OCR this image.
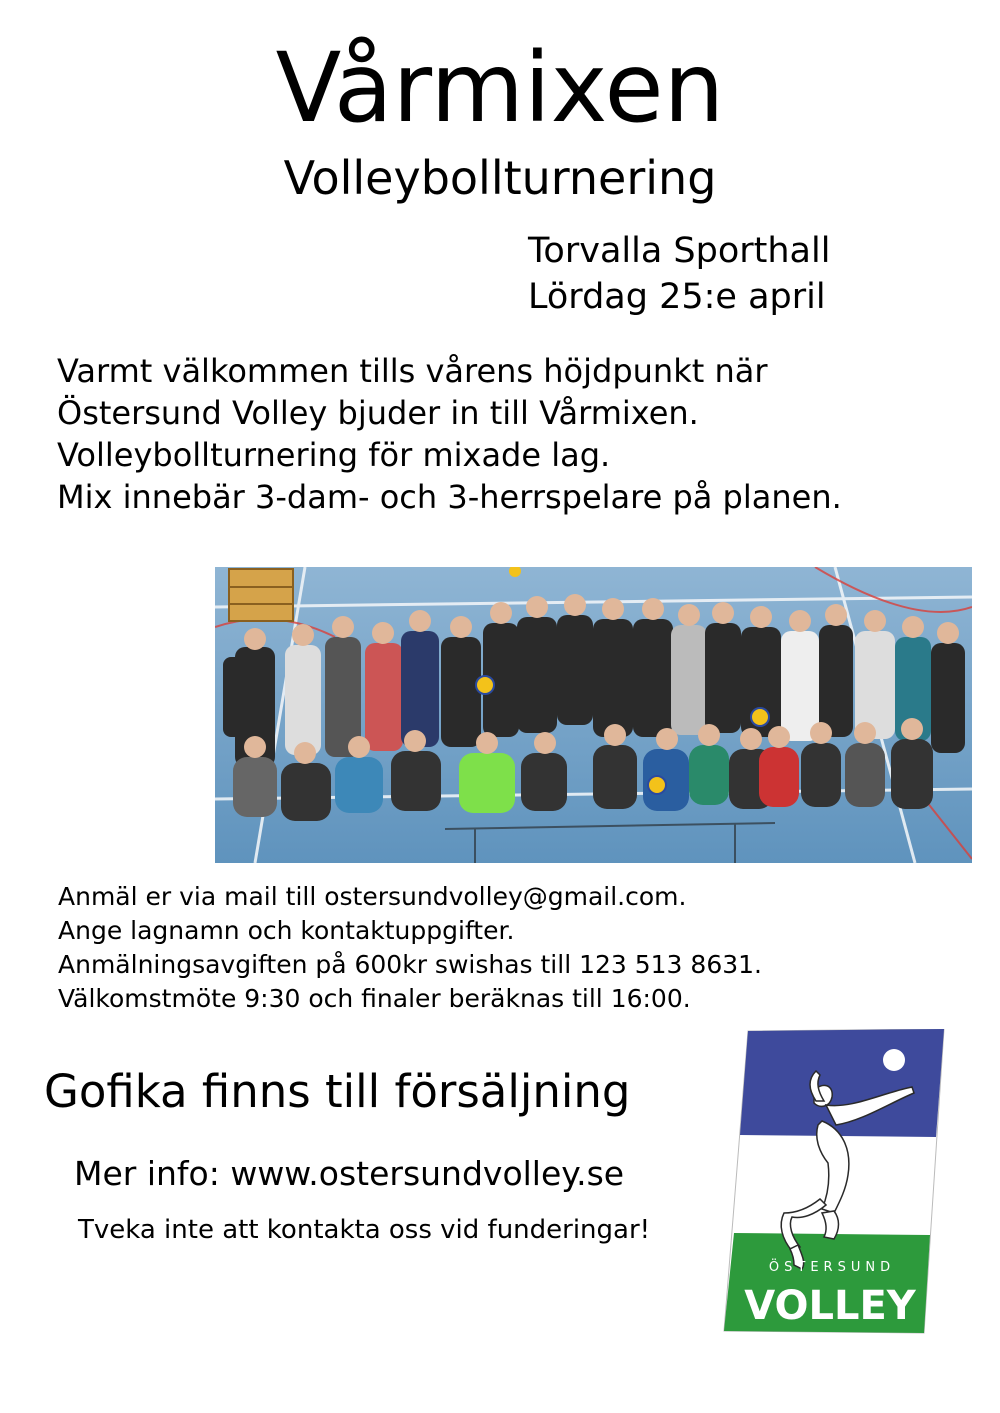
Vårmixen
Volleybollturnering
Torvalla Sporthall
Lördag 25:e april
Varmt välkommen tills vårens höjdpunkt när
Östersund Volley bjuder in till Vårmixen.
Volleybollturnering för mixade lag.
Mix innebär 3-dam- och 3-herrspelare på planen.
Anmäl er via mail till ostersundvolley@gmail.com.
Ange lagnamn och kontaktuppgifter.
Anmälningsavgiften på 600kr swishas till 123 513 8631.
Välkomstmöte 9:30 och finaler beräknas till 16:00.
Gofika finns till försäljning
Mer info: www.ostersundvolley.se
Tveka inte att kontakta oss vid funderingar!
ÖSTERSUND
VOLLEY
